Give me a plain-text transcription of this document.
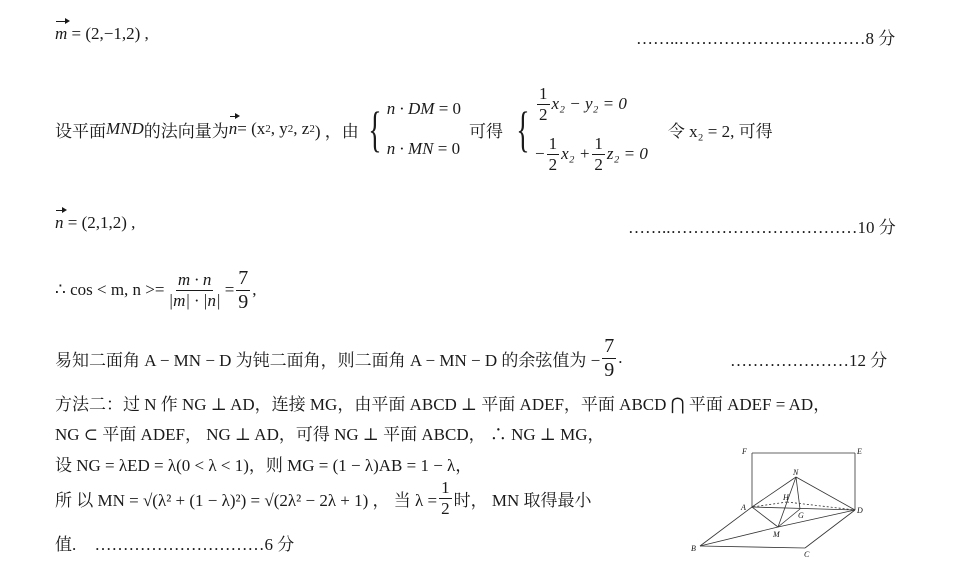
m = (2,−1,2) ,	……..……………………………8 分
设平面 MND 的法向量为 n = (x 2 , y 2 , z 2 ) ，由 { n · DM = 0
n · MN = 0
可得 { $\frac{1}{2} x_2 - y_2 = 0$
− $\frac{1}{2} x_2 + \frac{1}{2} z_2 = 0$
令 x₂ = 2, 可得
n = (2,1,2) ,	……..……………………………10 分
∴ cos < m, $n >= \frac{m \cdot n}{|m| \cdot |n|} = \frac{7}{9}$ ,
易知二面角 A − MN − D 为钝二面角，则二面角 A − MN − D 的余弦值为 − $\frac{7}{9}$ .	…………………12 分
方法二：过 N 作 NG ⊥ AD，连接 MG，由平面 ABCD ⊥ 平面 ADEF，平面 ABCD ⋂ 平面 ADEF = AD，
NG ⊂ 平面 ADEF， NG ⊥ AD，可得 NG ⊥ 平面 ABCD， ∴ NG ⊥ MG，
设 NG = λED = λ(0 < λ < 1)，则 MG = (1 − λ)AB = 1 − λ，
所 以 MN = √(λ² + (1 − λ)²) = √(2λ² − 2λ + 1) ， 当 $\lambda = \frac{1}{2}$ 时， MN 取得最小
值. …………………………6 分
F	E
N
H
A
G
D
M
B
C
